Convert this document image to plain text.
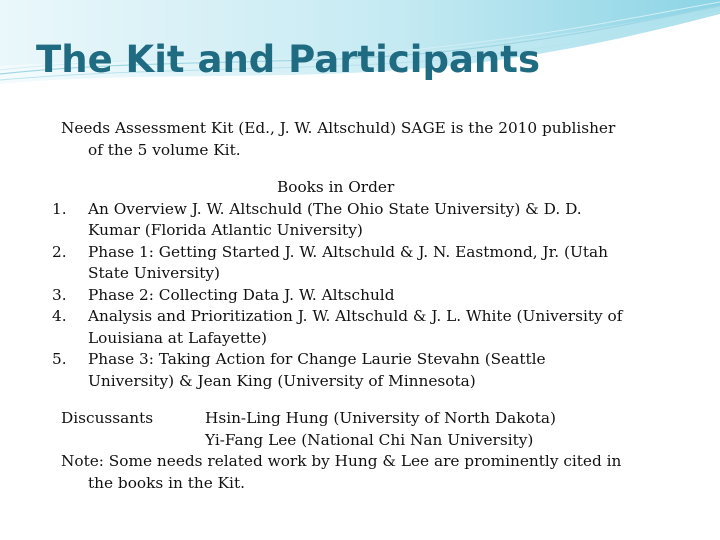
The Kit and Participants

Needs Assessment Kit (Ed., J. W. Altschuld) SAGE is the 2010 publisher of the 5 volume Kit.

Books in Order

1. An Overview J. W. Altschuld (The Ohio State University) & D. D. Kumar (Florida Atlantic University)
2. Phase 1: Getting Started J. W. Altschuld & J. N. Eastmond, Jr. (Utah State University)
3. Phase 2: Collecting Data J. W. Altschuld
4. Analysis and Prioritization J. W. Altschuld & J. L. White (University of Louisiana at Lafayette)
5. Phase 3: Taking Action for Change Laurie Stevahn (Seattle University) & Jean King (University of Minnesota)
Discussants	Hsin-Ling Hung (University of North Dakota)
Yi-Fang Lee (National Chi Nan University)
Note: Some needs related work by Hung & Lee are prominently cited in the books in the Kit.
